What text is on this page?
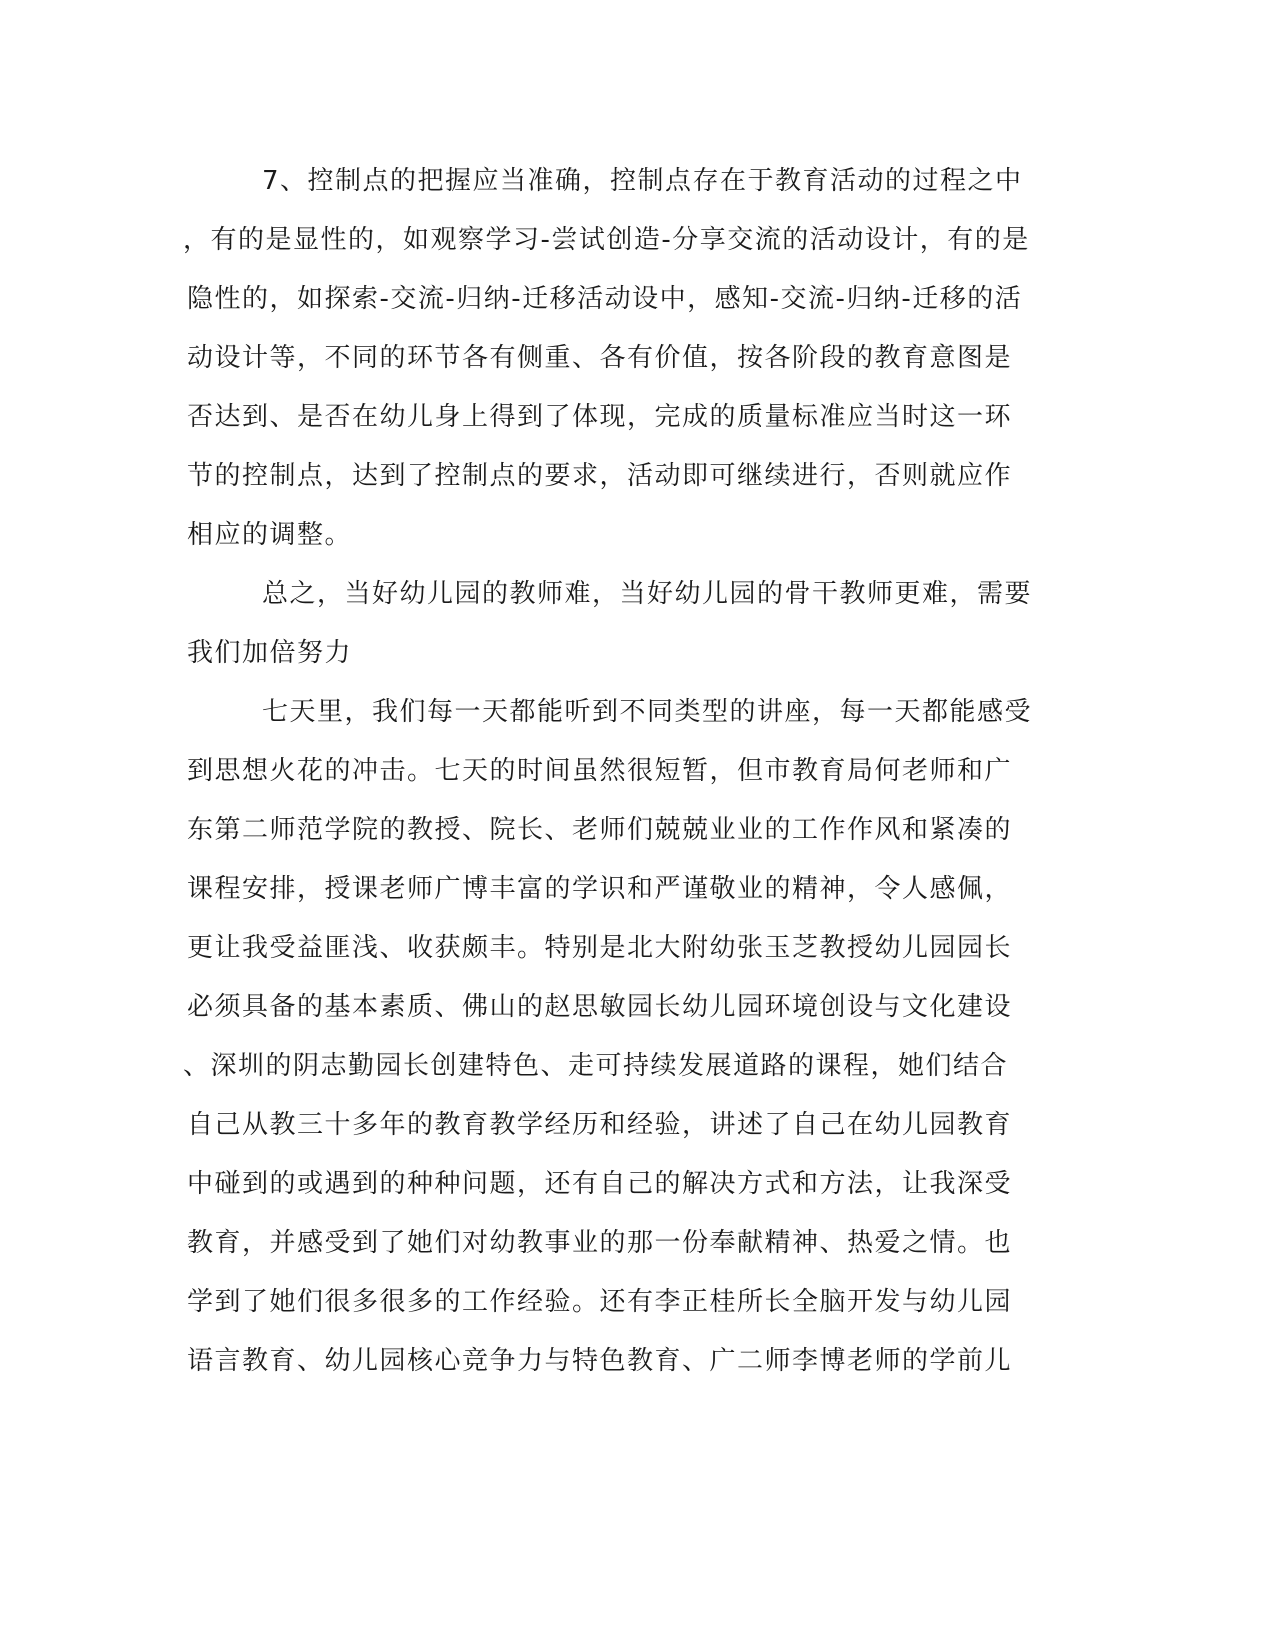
7、控制点的把握应当准确，控制点存在于教育活动的过程之中
，有的是显性的，如观察学习-尝试创造-分享交流的活动设计，有的是
隐性的，如探索-交流-归纳-迁移活动设中，感知-交流-归纳-迁移的活
动设计等，不同的环节各有侧重、各有价值，按各阶段的教育意图是
否达到、是否在幼儿身上得到了体现，完成的质量标准应当时这一环
节的控制点，达到了控制点的要求，活动即可继续进行，否则就应作
相应的调整。
总之，当好幼儿园的教师难，当好幼儿园的骨干教师更难，需要
我们加倍努力
七天里，我们每一天都能听到不同类型的讲座，每一天都能感受
到思想火花的冲击。七天的时间虽然很短暂，但市教育局何老师和广
东第二师范学院的教授、院长、老师们兢兢业业的工作作风和紧凑的
课程安排，授课老师广博丰富的学识和严谨敬业的精神，令人感佩，
更让我受益匪浅、收获颇丰。特别是北大附幼张玉芝教授幼儿园园长
必须具备的基本素质、佛山的赵思敏园长幼儿园环境创设与文化建设
、深圳的阴志勤园长创建特色、走可持续发展道路的课程，她们结合
自己从教三十多年的教育教学经历和经验，讲述了自己在幼儿园教育
中碰到的或遇到的种种问题，还有自己的解决方式和方法，让我深受
教育，并感受到了她们对幼教事业的那一份奉献精神、热爱之情。也
学到了她们很多很多的工作经验。还有李正桂所长全脑开发与幼儿园
语言教育、幼儿园核心竞争力与特色教育、广二师李博老师的学前儿
